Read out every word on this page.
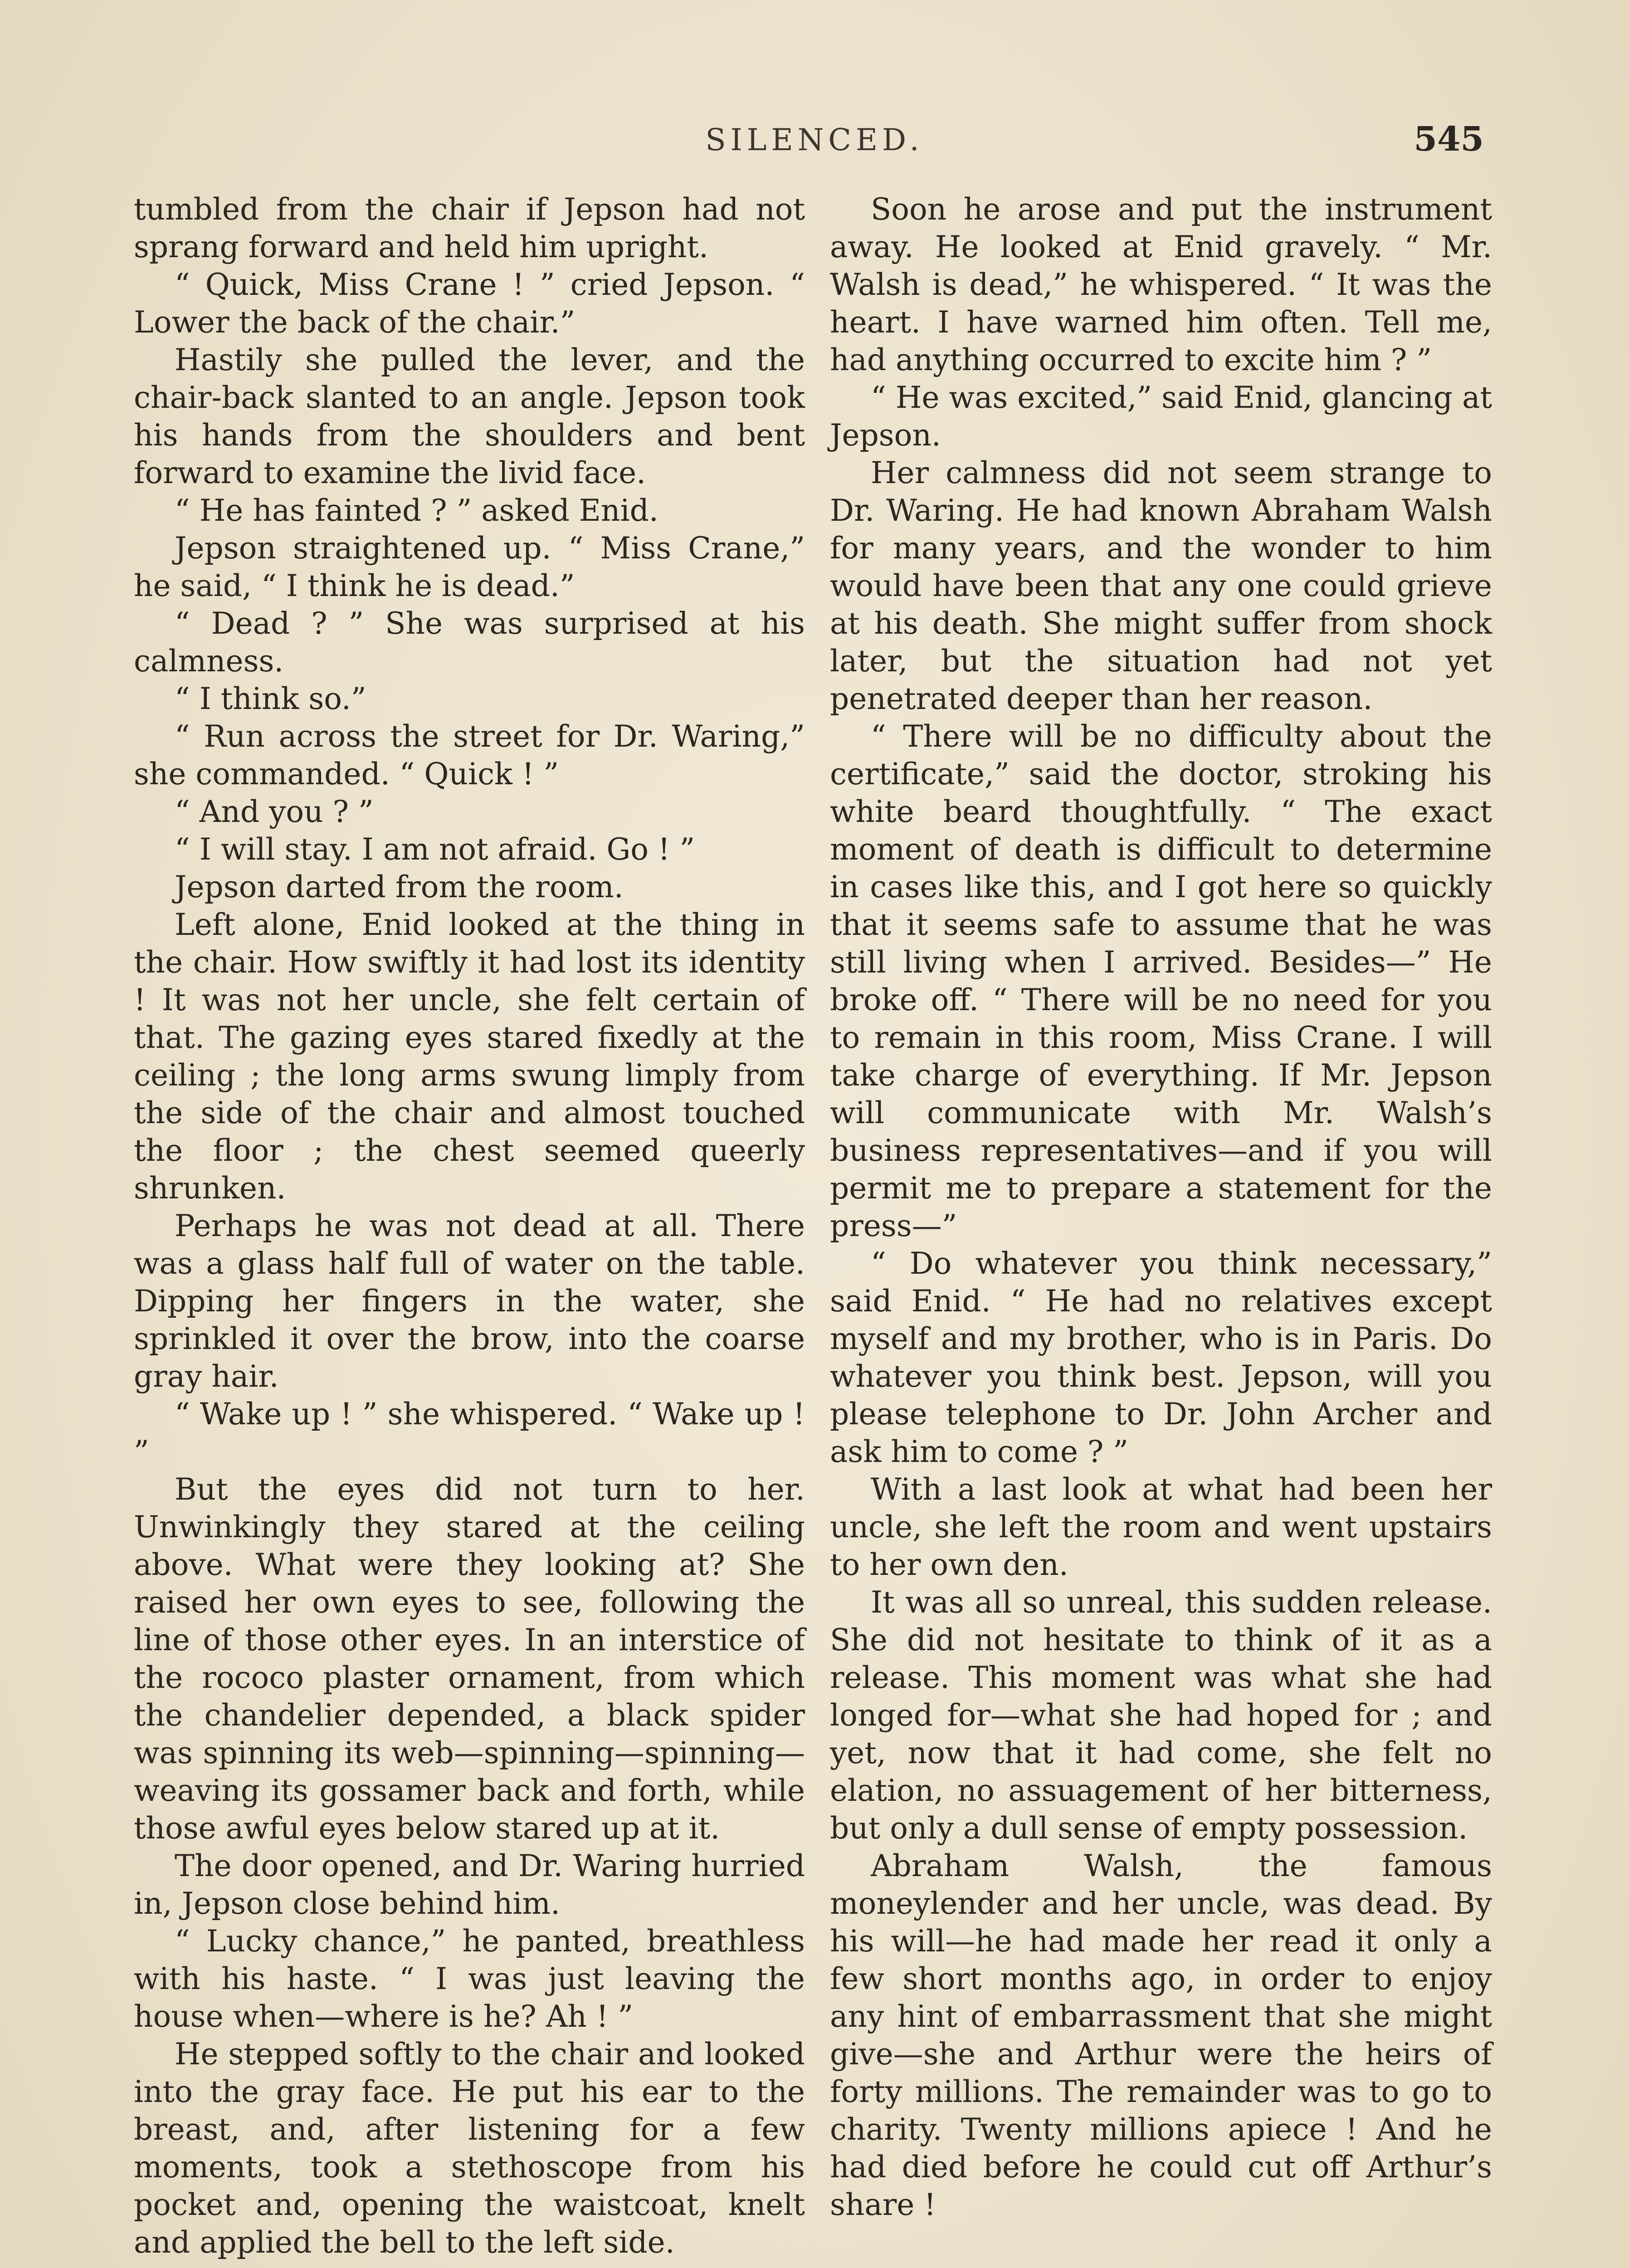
SILENCED.	545

tumbled from the chair if Jepson had not sprang forward and held him upright.

“ Quick, Miss Crane ! ” cried Jepson. “ Lower the back of the chair.”

Hastily she pulled the lever, and the chair-back slanted to an angle. Jepson took his hands from the shoulders and bent forward to examine the livid face.

“ He has fainted ? ” asked Enid.

Jepson straightened up. “ Miss Crane,” he said, “ I think he is dead.”

“ Dead ? ” She was surprised at his calmness.

“ I think so.”

“ Run across the street for Dr. Waring,” she commanded. “ Quick ! ”

“ And you ? ”

“ I will stay. I am not afraid. Go ! ”

Jepson darted from the room.

Left alone, Enid looked at the thing in the chair. How swiftly it had lost its identity ! It was not her uncle, she felt certain of that. The gazing eyes stared fixedly at the ceiling ; the long arms swung limply from the side of the chair and almost touched the floor ; the chest seemed queerly shrunken.

Perhaps he was not dead at all. There was a glass half full of water on the table. Dipping her fingers in the water, she sprinkled it over the brow, into the coarse gray hair.

“ Wake up ! ” she whispered. “ Wake up ! ”

But the eyes did not turn to her. Unwinkingly they stared at the ceiling above. What were they looking at? She raised her own eyes to see, following the line of those other eyes. In an interstice of the rococo plaster ornament, from which the chandelier depended, a black spider was spinning its web—spinning—spinning—weaving its gossamer back and forth, while those awful eyes below stared up at it.

The door opened, and Dr. Waring hurried in, Jepson close behind him.

“ Lucky chance,” he panted, breathless with his haste. “ I was just leaving the house when—where is he? Ah ! ”

He stepped softly to the chair and looked into the gray face. He put his ear to the breast, and, after listening for a few moments, took a stethoscope from his pocket and, opening the waistcoat, knelt and applied the bell to the left side.

Soon he arose and put the instrument away. He looked at Enid gravely. “ Mr. Walsh is dead,” he whispered. “ It was the heart. I have warned him often. Tell me, had anything occurred to excite him ? ”

“ He was excited,” said Enid, glancing at Jepson.

Her calmness did not seem strange to Dr. Waring. He had known Abraham Walsh for many years, and the wonder to him would have been that any one could grieve at his death. She might suffer from shock later, but the situation had not yet penetrated deeper than her reason.

“ There will be no difficulty about the certificate,” said the doctor, stroking his white beard thoughtfully. “ The exact moment of death is difficult to determine in cases like this, and I got here so quickly that it seems safe to assume that he was still living when I arrived. Besides—” He broke off. “ There will be no need for you to remain in this room, Miss Crane. I will take charge of everything. If Mr. Jepson will communicate with Mr. Walsh’s business representatives—and if you will permit me to prepare a statement for the press—”

“ Do whatever you think necessary,” said Enid. “ He had no relatives except myself and my brother, who is in Paris. Do whatever you think best. Jepson, will you please telephone to Dr. John Archer and ask him to come ? ”

With a last look at what had been her uncle, she left the room and went upstairs to her own den.

It was all so unreal, this sudden release. She did not hesitate to think of it as a release. This moment was what she had longed for—what she had hoped for ; and yet, now that it had come, she felt no elation, no assuagement of her bitterness, but only a dull sense of empty possession.

Abraham Walsh, the famous moneylender and her uncle, was dead. By his will—he had made her read it only a few short months ago, in order to enjoy any hint of embarrassment that she might give—she and Arthur were the heirs of forty millions. The remainder was to go to charity. Twenty millions apiece ! And he had died before he could cut off Arthur’s share !
